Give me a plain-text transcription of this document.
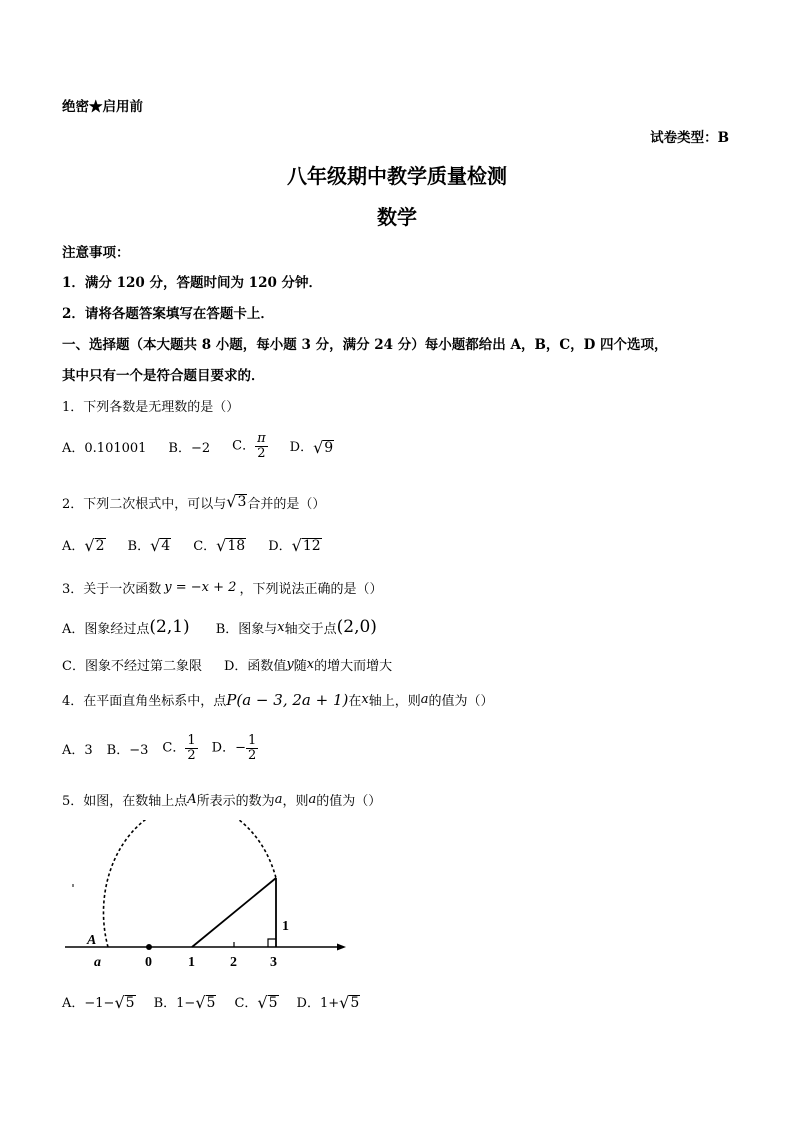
绝密★启用前
试卷类型：B
八年级期中教学质量检测
数学
注意事项：
1．满分 120 分，答题时间为 120 分钟．
2．请将各题答案填写在答题卡上．
一、选择题（本大题共 8 小题，每小题 3 分，满分 24 分）每小题都给出 A，B，C，D 四个选项，
其中只有一个是符合题目要求的．
1．下列各数是无理数的是（）
A．0.101001 B．−2 C． $\frac{\pi}{2}$ D． √ 9
2．下列二次根式中，可以与 √ 3 合并的是（）
A． √ 2 B． √ 4 C． √ 18 D． √ 12
3．关于一次函数 y = −x + 2 ，下列说法正确的是（）
A．图象经过点 (2,1) B．图象与 x 轴交于点 (2,0)
C．图象不经过第二象限 D．函数值 y 随 x 的增大而增大
4．在平面直角坐标系中，点 P(a − 3, 2a + 1) 在 x 轴上，则 a 的值为（）
A．3 B．−3 C． $\frac{1}{2}$ D．− $\frac{1}{2}$
5．如图，在数轴上点 A 所表示的数为 a ，则 a 的值为（）
A
a	0	1	2 3
1
A．−1− √ 5 B．1− √ 5 C． √ 5 D．1+ √ 5
